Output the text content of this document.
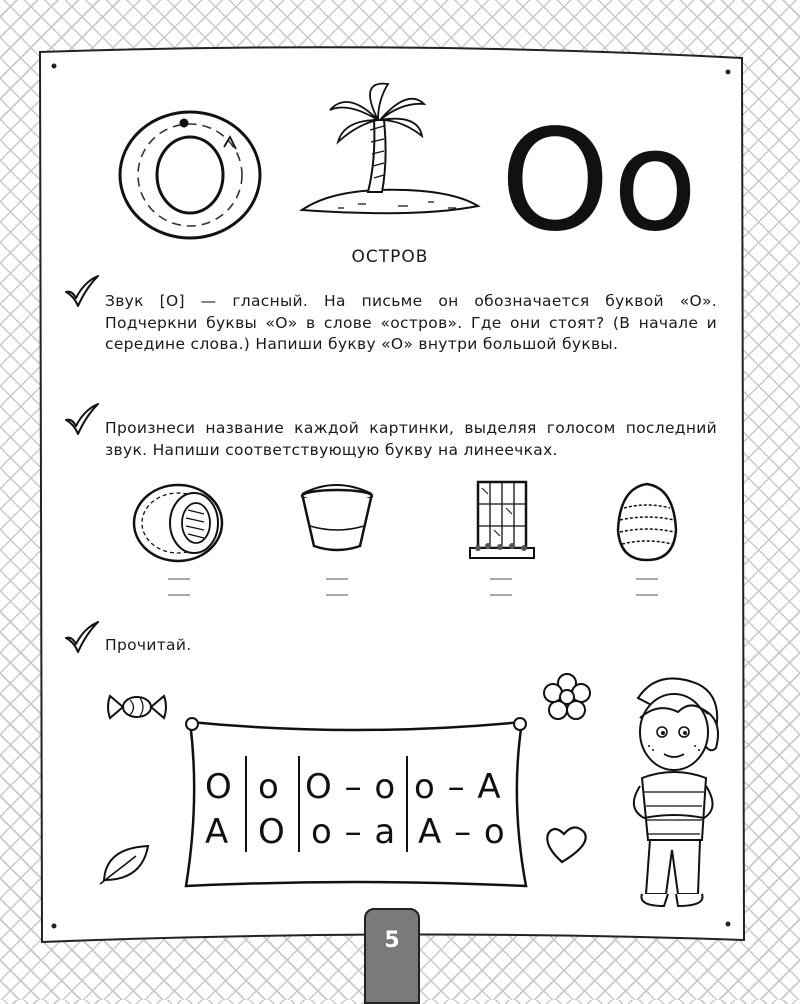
ОСТРОВ Оо
Звук [О] — гласный. На письме он обозначается буквой «О». Подчеркни буквы «О» в слове «остров». Где они стоят? (В начале и середине слова.) Напиши букву «О» внутри большой буквы.
Произнеси название каждой картинки, выделяя голосом последний звук. Напиши соответствующую букву на линеечках.
Прочитай.
О о О – о о – А
А О о – а А – о
5
